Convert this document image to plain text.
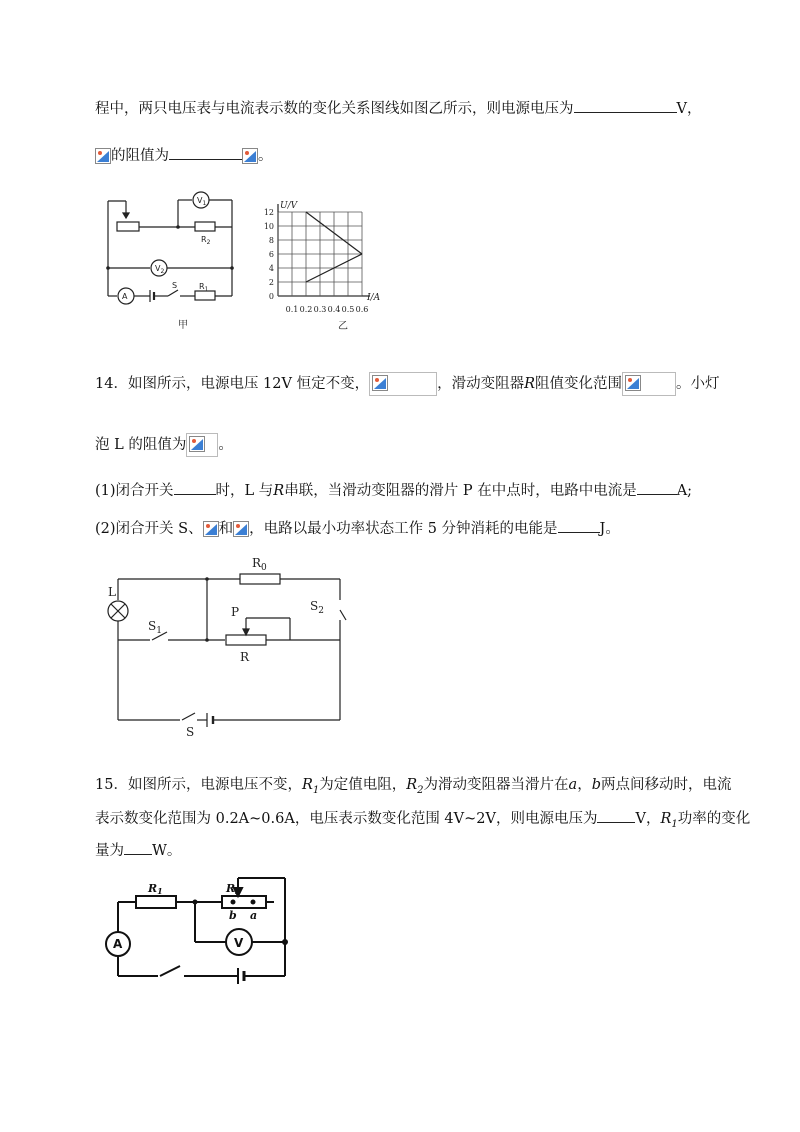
程中，两只电压表与电流表示数的变化关系图线如图乙所示，则电源电压为	V，
的阻值为	。
$V_1$
$V_2$
$R_2$
$R_1$
A
S
甲
12
10
8
6
4
2
0
0.1 0.2 0.3 0.4 0.5 0.6
U/V
I/A
乙
14．如图所示，电源电压 12V 恒定不变，	，滑动变阻器R阻值变化范围	。小灯
泡 L 的阻值为 。
(1)闭合开关	时，L 与R串联，当滑动变阻器的滑片 P 在中点时，电路中电流是	A;
(2)闭合开关 S、 和 ，电路以最小功率状态工作 5 分钟消耗的电能是	J。
$R_0$
L
$S_1$
$S_2$
P
R
S
15．如图所示，电源电压不变，$R_1$为定值电阻，$R_2$为滑动变阻器当滑片在a，b两点间移动时，电流
表示数变化范围为 0.2A~0.6A，电压表示数变化范围 4V~2V，则电源电压为	V，$R_1$功率的变化
量为 W。
R1	R2
b a
A	V
